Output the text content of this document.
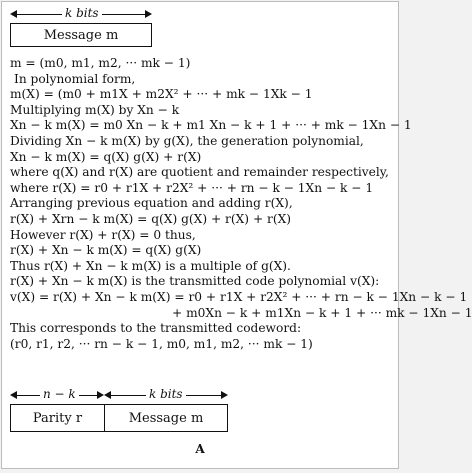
k bits
Message m
m = (m0, m1, m2, ··· mk − 1)
In polynomial form,
m(X) = (m0 + m1X + m2X² + ··· + mk − 1Xk − 1
Multiplying m(X) by Xn − k
Xn − k m(X) = m0 Xn − k + m1 Xn − k + 1 + ··· + mk − 1Xn − 1
Dividing Xn − k m(X) by g(X), the generation polynomial,
Xn − k m(X) = q(X) g(X) + r(X)
where q(X) and r(X) are quotient and remainder respectively,
where r(X) = r0 + r1X + r2X² + ··· + rn − k − 1Xn − k − 1
Arranging previous equation and adding r(X),
r(X) + Xrn − k m(X) = q(X) g(X) + r(X) + r(X)
However r(X) + r(X) = 0 thus,
r(X) + Xn − k m(X) = q(X) g(X)
Thus r(X) + Xn − k m(X) is a multiple of g(X).
r(X) + Xn − k m(X) is the transmitted code polynomial v(X):
v(X) = r(X) + Xn − k m(X) = r0 + r1X + r2X² + ··· + rn − k − 1Xn − k − 1
+ m0Xn − k + m1Xn − k + 1 + ··· mk − 1Xn − 1
This corresponds to the transmitted codeword:
(r0, r1, r2, ··· rn − k − 1, m0, m1, m2, ··· mk − 1)
n − k	k bits
Parity r	Message m
A
